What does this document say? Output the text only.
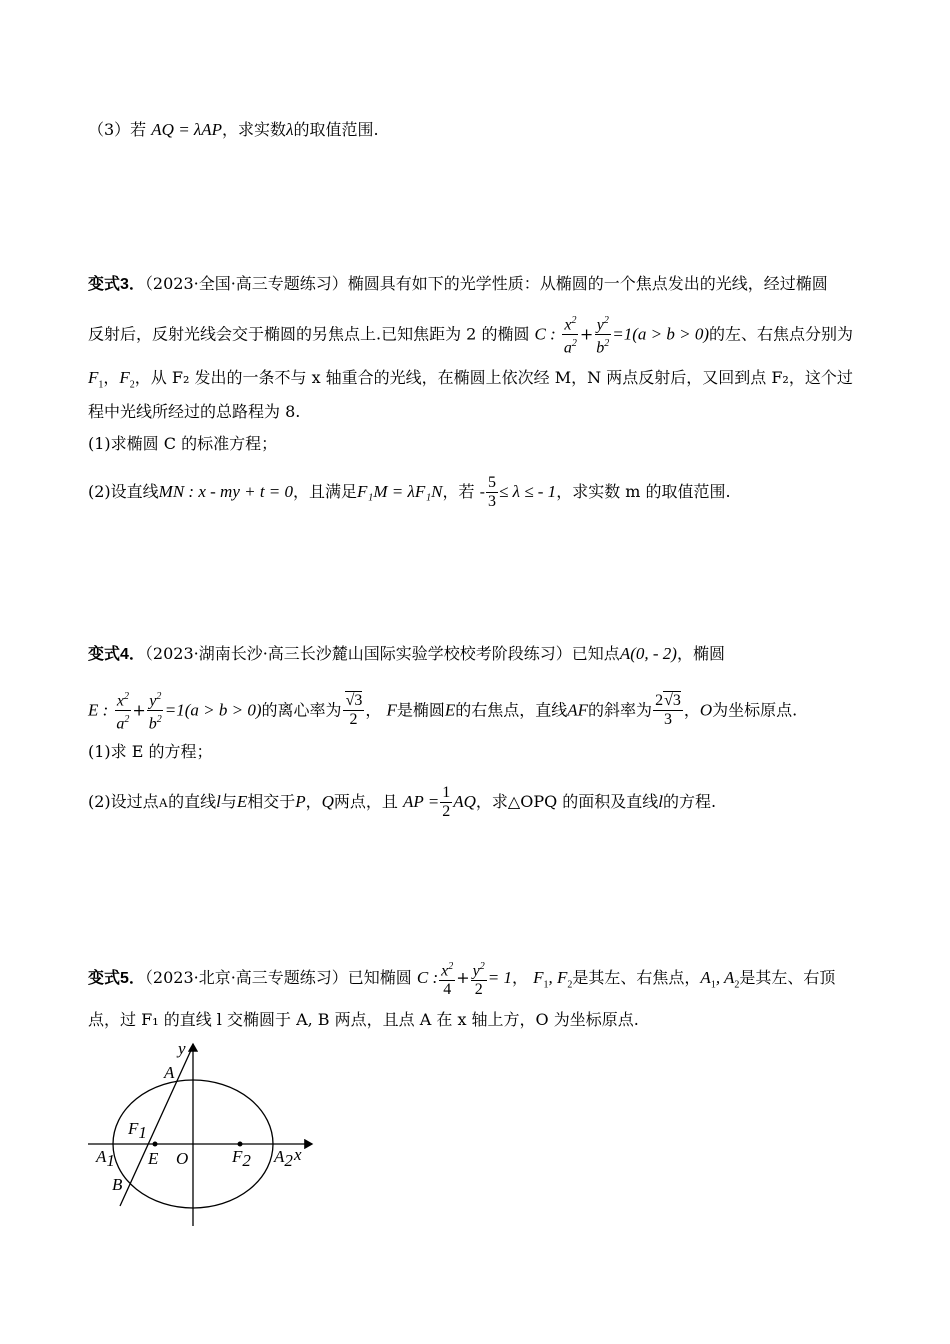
（3）若 AQ = λAP，求实数λ的取值范围.
变式3．（2023·全国·高三专题练习）椭圆具有如下的光学性质：从椭圆的一个焦点发出的光线，经过椭圆
反射后，反射光线会交于椭圆的另焦点上.已知焦距为 2 的椭圆 C : $\frac{x^2}{a^2} + \frac{y^2}{b^2} =1(a > b > 0)$的左、右焦点分别为
$F_1$，$F_2$，从 F₂ 发出的一条不与 x 轴重合的光线，在椭圆上依次经 M，N 两点反射后，又回到点 F₂，这个过
程中光线所经过的总路程为 8.
(1)求椭圆 C 的标准方程；
(2)设直线MN : x - my + t = 0，且满足F₁M = λF₁N，若 - $\frac{5}{3} \le \lambda$ ≤ - 1，求实数 m 的取值范围.
变式4．（2023·湖南长沙·高三长沙麓山国际实验学校校考阶段练习）已知点A(0, - 2)，椭圆
E : $\frac{x^2}{a^2} + \frac{y^2}{b^2} =1(a > b > 0)$的离心率为 $\frac{√3}{2}$ ， F是椭圆E的右焦点，直线AF的斜率为 $\frac{2√3}{3}$ ，O为坐标原点.
(1)求 E 的方程；
(2)设过点A的直线l与E相交于P，Q两点，且 AP = $\frac{1}{2}$ AQ，求△OPQ 的面积及直线l的方程.
变式5．（2023·北京·高三专题练习）已知椭圆 C : $\frac{x^2}{4} + \frac{y^2}{2} = 1$， $F_1$, $F_2$是其左、右焦点，$A_1$, $A_2$是其左、右顶
点，过 F₁ 的直线 l 交椭圆于 A, B 两点，且点 A 在 x 轴上方，O 为坐标原点.
y
A
F1
A1 E O	F2 A2 x
B
